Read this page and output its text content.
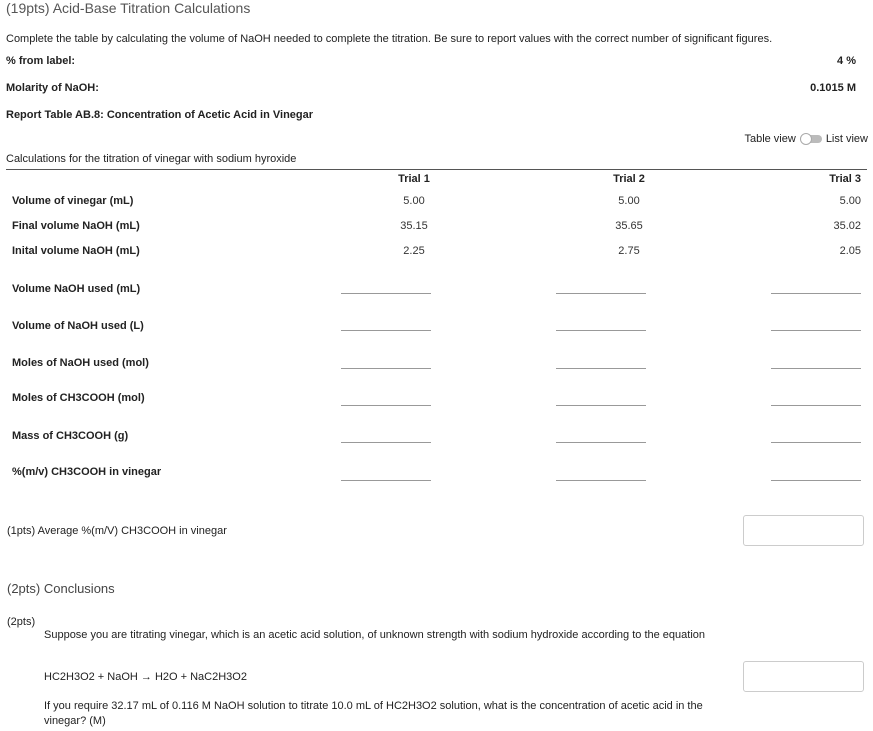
(19pts) Acid-Base Titration Calculations
Complete the table by calculating the volume of NaOH needed to complete the titration. Be sure to report values with the correct number of significant figures.
% from label:	4 %
Molarity of NaOH:	0.1015 M
Report Table AB.8: Concentration of Acetic Acid in Vinegar
Table view	List view
Calculations for the titration of vinegar with sodium hyroxide
Trial 1	Trial 2	Trial 3
Volume of vinegar (mL)	5.00	5.00	5.00
Final volume NaOH (mL)	35.15	35.65	35.02
Inital volume NaOH (mL)	2.25	2.75	2.05
Volume NaOH used (mL)
Volume of NaOH used (L)
Moles of NaOH used (mol)
Moles of CH3COOH (mol)
Mass of CH3COOH (g)
%(m/v) CH3COOH in vinegar
(1pts) Average %(m/V) CH3COOH in vinegar
(2pts) Conclusions
(2pts)
Suppose you are titrating vinegar, which is an acetic acid solution, of unknown strength with sodium hydroxide according to the equation
HC2H3O2 + NaOH → H2O + NaC2H3O2
If you require 32.17 mL of 0.116 M NaOH solution to titrate 10.0 mL of HC2H3O2 solution, what is the concentration of acetic acid in the vinegar? (M)
